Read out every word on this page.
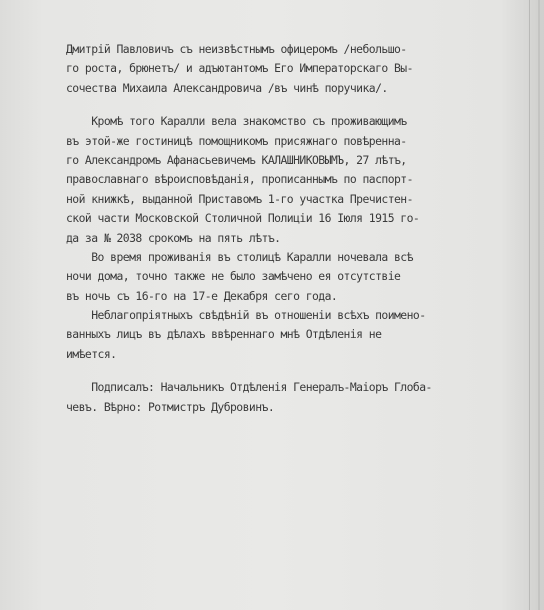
Дмитрiй Павловичъ съ неизвѣстнымъ офицеромъ /небольшо-
го роста, брюнетъ/ и адъютантомъ Его Императорскаго Вы-
сочества Михаила Александровича /въ чинѣ поручика/.
Кромѣ того Каралли вела знакомство съ проживающимъ
въ этой-же гостиницѣ помощникомъ присяжнаго повѣреннa-
го Александромъ Афанасьевичемъ КАЛАШНИКОВЫМЪ, 27 лѣтъ,
православнаго вѣроисповѣданiя, прописаннымъ по паспорт-
ной книжкѣ, выданной Приставомъ 1-го участка Пречистен-
ской части Московской Столичной Полицiи 16 Iюля 1915 го-
да за № 2038 срокомъ на пять лѣтъ.
Во время проживанiя въ столицѣ Каралли ночевала всѣ
ночи дома, точно также не было замѣчено ея отсутствiе
въ ночь съ 16-го на 17-е Декабря сего года.
Неблагопрiятныхъ свѣдѣнiй въ отношенiи всѣхъ поимено-
ванныхъ лицъ въ дѣлахъ ввѣреннаго мнѣ Отдѣленiя не
имѣется.
Подписалъ: Начальникъ Отдѣленiя Генералъ-Маiоръ Глоба-
чевъ. Вѣрно: Ротмистръ Дубровинъ.
